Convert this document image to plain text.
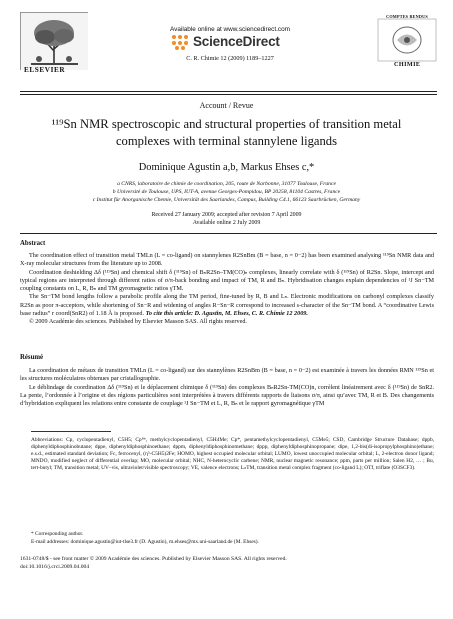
ELSEVIER
Available online at www.sciencedirect.com
ScienceDirect
C. R. Chimie 12 (2009) 1189–1227
COMPTES RENDUS
CHIMIE
Account / Revue
¹¹⁹Sn NMR spectroscopic and structural properties of transition metal complexes with terminal stannylene ligands
Dominique Agustin a,b, Markus Ehses c,*
a CNRS, laboratoire de chimie de coordination, 205, route de Narbonne, 31077 Toulouse, France
b Université de Toulouse, UPS, IUT-A, avenue Georges-Pompidou, BP 20258, 81104 Castres, France
c Institut für Anorganische Chemie, Universität des Saarlandes, Campus, Building C4.1, 66123 Saarbrücken, Germany
Received 27 January 2009; accepted after revision 7 April 2009
Available online 2 July 2009
Abstract

The coordination effect of transition metal TMLn (L = co-ligand) on stannylenes R2SnBm (B = base, n = 0−2) has been examined analysing ¹¹⁹Sn NMR data and X-ray molecular structures from the literature up to 2008.

Coordination deshielding Δδ (¹¹⁹Sn) and chemical shift δ (¹¹⁹Sn) of BₙR2Sn–TM(CO)ₙ complexes, linearly correlate with δ (¹¹⁹Sn) of R2Sn. Slope, intercept and typical regions are interpreted through different ratios of σ/π-back bonding and impact of TM, R and Bₙ. Hybridisation changes explain dependencies of ¹J Sn−TM coupling constants on L, R, Bₙ and TM gyromagnetic ratios γTM.

The Sn−TM bond lengths follow a parabolic profile along the TM period, fine-tuned by R, B and Lₙ. Electronic modifications on carbonyl complexes classify R2Sn as poor π-acceptors, while shortening of Sn−R and widening of angles R−Sn−R correspond to increased s-character of the Sn−TM bond. A “coordinative Lewis base radius” r coord(SnR2) of 1.18 Å is proposed. To cite this article: D. Agustin, M. Ehses, C. R. Chimie 12 2009.

© 2009 Académie des sciences. Published by Elsevier Masson SAS. All rights reserved.

Résumé

La coordination de métaux de transition TMLn (L = co-ligand) sur des stannylènes R2SnBm (B = base, n = 0−2) est examinée à travers les données RMN ¹¹⁹Sn et les structures moléculaires obtenues par cristallographie.

Le déblindage de coordination Δδ (¹¹⁹Sn) et le déplacement chimique δ (¹¹⁹Sn) des complexes BₙR2Sn-TM(CO)n, corrèlent linéairement avec δ (¹¹⁹Sn) de SnR2. La pente, l’ordonnée à l’origine et des régions particulières sont interprétées à travers différents rapports de liaisons σ/π, ainsi qu’avec TM, R et B. Des changements d’hybridation expliquent les relations entre constante de couplage ¹J Sn−TM et L, R, Bₙ et le rapport gyromagnétique γTM

Abbreviations: Cp, cyclopentadienyl, C5H5; Cpᴹᵉ, methylcyclopentadienyl, C5H4Me; Cp*, pentamethylcyclopentadienyl, C5Me5; CSD, Cambridge Structure Database; dppb, diphenyldiphosphinobutane; dppe, diphenyldiphosphinoethane; dppm, diphenyldiphosphinomethane; dppp, diphenyldiphosphinopropane; dipe, 1,2-bis(di-isopropylphosphino)ethane; e.s.d., estimated standard deviation; Fc, ferrocenyl, (η⁵-C5H5)2Fe; HOMO, highest occupied molecular orbital; LUMO, lowest unoccupied molecular orbital; L, 2-electron donor ligand; MNDO, modified neglect of differential overlap; MO, molecular orbital; NHC, N-heterocyclic carbene; NMR, nuclear magnetic resonance; ppm, parts per million; Salen H2, … ; Bu, tert-butyl; TM, transition metal; UV–vis, ultraviolet/visible spectroscopy; VE, valence electrons; LₙTM, transition metal complex fragment (co-ligand L); OTf, triflate (O3SCF3).
* Corresponding author.
E-mail addresses: dominique.agustin@iut-tlse3.fr (D. Agustin), m.ehses@mx.uni-saarland.de (M. Ehses).
1631-0748/$ - see front matter © 2009 Académie des sciences. Published by Elsevier Masson SAS. All rights reserved.
doi:10.1016/j.crci.2009.04.004
